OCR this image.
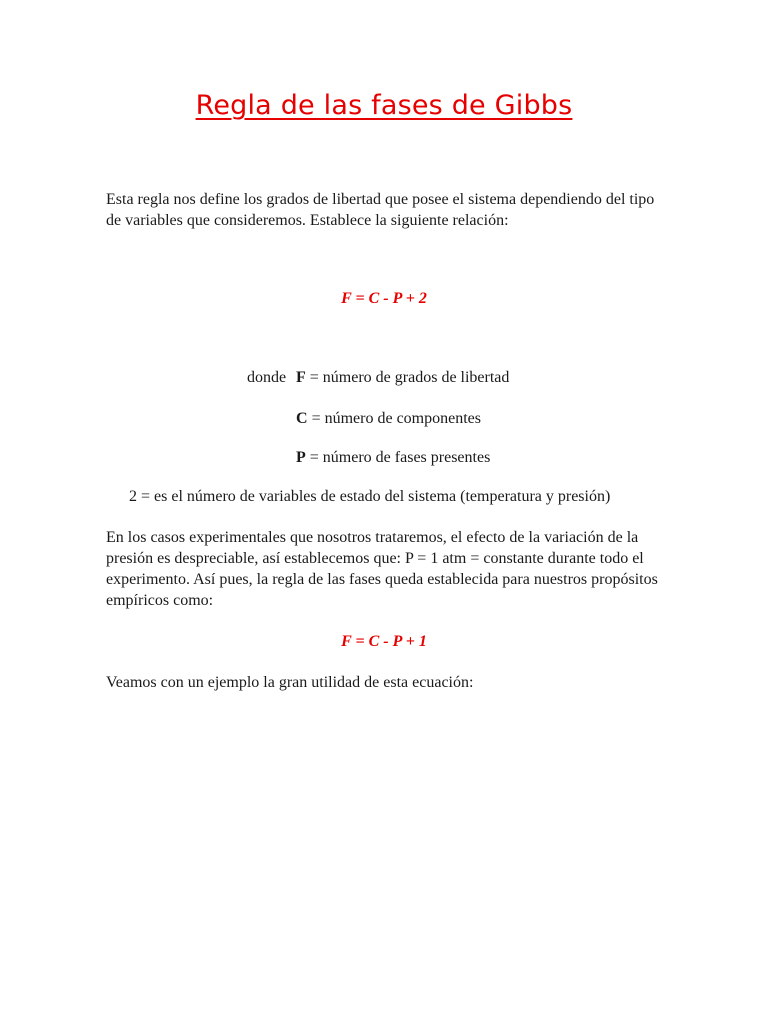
Regla de las fases de Gibbs

Esta regla nos define los grados de libertad que posee el sistema dependiendo del tipo de variables que consideremos. Establece la siguiente relación:

F = C - P + 2

donde F = número de grados de libertad

C = número de componentes

P = número de fases presentes

2 = es el número de variables de estado del sistema (temperatura y presión)

En los casos experimentales que nosotros trataremos, el efecto de la variación de la presión es despreciable, así establecemos que: P = 1 atm = constante durante todo el experimento. Así pues, la regla de las fases queda establecida para nuestros propósitos empíricos como:

F = C - P + 1

Veamos con un ejemplo la gran utilidad de esta ecuación:
